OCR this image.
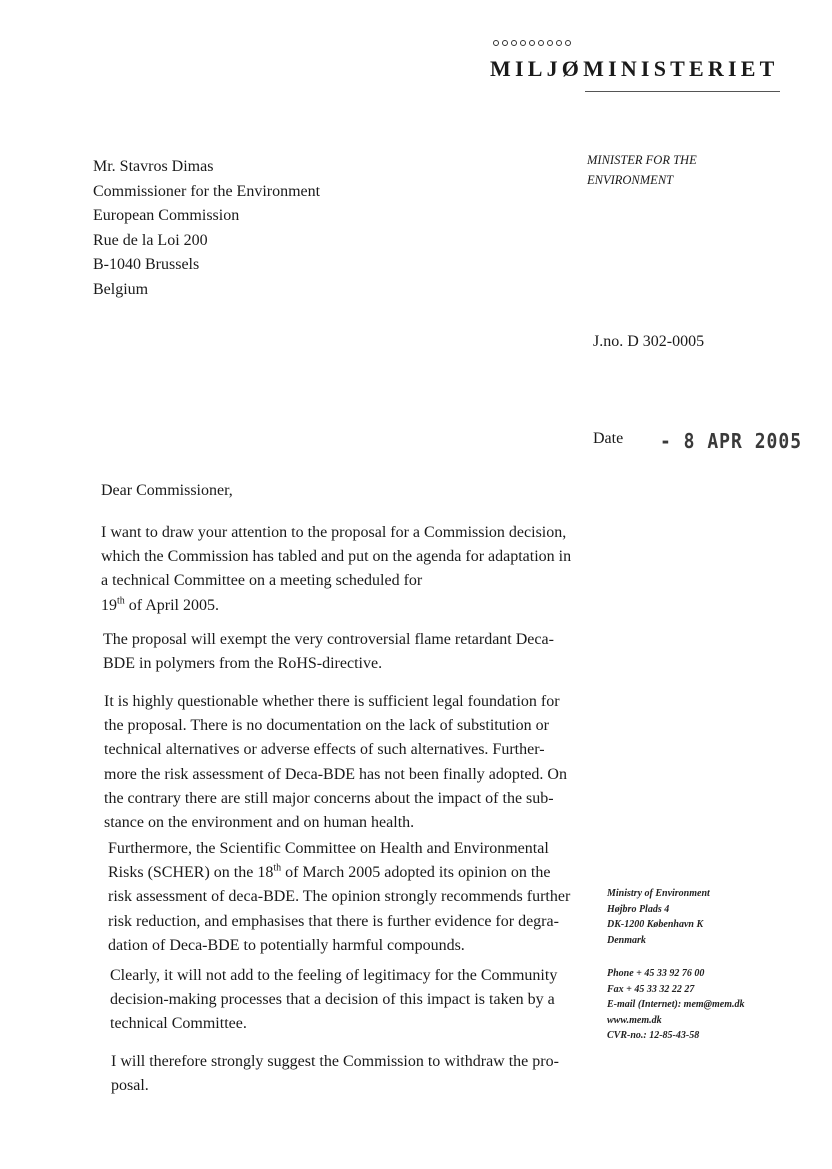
MILJØMINISTERIET
Mr. Stavros Dimas
Commissioner for the Environment
European Commission
Rue de la Loi 200
B-1040 Brussels
Belgium
MINISTER FOR THE
ENVIRONMENT
J.no. D 302-0005
Date - 8 APR 2005
Dear Commissioner,
I want to draw your attention to the proposal for a Commission decision,
which the Commission has tabled and put on the agenda for adaptation in
a technical Committee on a meeting scheduled for
19th of April 2005.
The proposal will exempt the very controversial flame retardant Deca-
BDE in polymers from the RoHS-directive.
It is highly questionable whether there is sufficient legal foundation for
the proposal. There is no documentation on the lack of substitution or
technical alternatives or adverse effects of such alternatives. Further-
more the risk assessment of Deca-BDE has not been finally adopted. On
the contrary there are still major concerns about the impact of the sub-
stance on the environment and on human health.
Furthermore, the Scientific Committee on Health and Environmental
Risks (SCHER) on the 18th of March 2005 adopted its opinion on the
risk assessment of deca-BDE. The opinion strongly recommends further
risk reduction, and emphasises that there is further evidence for degra-
dation of Deca-BDE to potentially harmful compounds.
Clearly, it will not add to the feeling of legitimacy for the Community
decision-making processes that a decision of this impact is taken by a
technical Committee.
I will therefore strongly suggest the Commission to withdraw the pro-
posal.
Ministry of Environment
Højbro Plads 4
DK-1200 København K
Denmark
Phone + 45 33 92 76 00
Fax + 45 33 32 22 27
E-mail (Internet): mem@mem.dk
www.mem.dk
CVR-no.: 12-85-43-58
